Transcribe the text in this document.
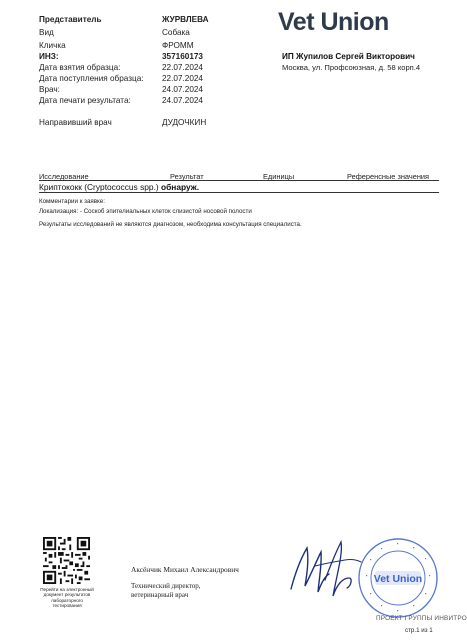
Представитель	ЖУРВЛЕВА
Вид	Собака
Кличка	ФРОММ
ИНЗ:	357160173
Дата взятия образца:	22.07.2024
Дата поступления образца: 22.07.2024
Врач:	24.07.2024
Дата печати результата:	24.07.2024
Направивший врач	ДУДОЧКИН
Vet Union
ИП Жупилов Сергей Викторович
Москва, ул. Профсоюзная, д. 58 корп.4
Исследование	Результат	Единицы	Референсные значения
Криптококк (Cryptococcus spp.) обнаруж.
Комментарии к заявке:
Локализация: - Соскоб эпителиальных клеток слизистой носовой полости
Результаты исследований не являются диагнозом, необходима консультация специалиста.
Перейти на электронный документ результатов лабораторного тестирования
Аксёнчик Михаил Александрович
Технический директор,
ветеринарный врач
Vet Union
ПРОЕКТ ГРУППЫ ИНВИТРО
стр.1 из 1
